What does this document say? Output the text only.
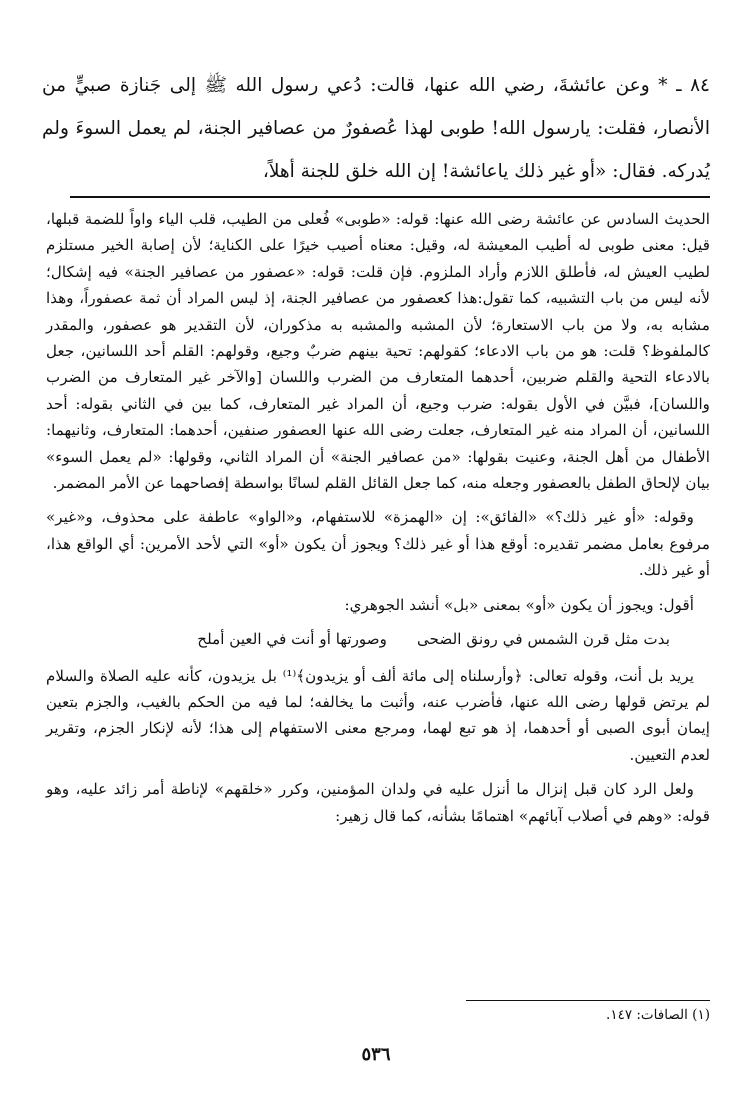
٨٤ ـ * وعن عائشةَ، رضي الله عنها، قالت: دُعي رسول الله ﷺ إلى جَنازة صبيٍّ من الأنصار، فقلت: يارسول الله! طوبى لهذا عُصفورٌ من عصافير الجنة، لم يعمل السوءَ ولم يُدركه. فقال: «أو غير ذلك ياعائشة! إن الله خلق للجنة أهلاً،

الحديث السادس عن عائشة رضى الله عنها: قوله: «طوبى» فُعلى من الطيب، قلب الياء واواً للضمة قبلها، قيل: معنى طوبى له أطيب المعيشة له، وقيل: معناه أصيب خيرًا على الكناية؛ لأن إصابة الخير مستلزم لطيب العيش له، فأطلق اللازم وأراد الملزوم. فإن قلت: قوله: «عصفور من عصافير الجنة» فيه إشكال؛ لأنه ليس من باب التشبيه، كما تقول:هذا كعصفور من عصافير الجنة، إذ ليس المراد أن ثمة عصفوراً، وهذا مشابه به، ولا من باب الاستعارة؛ لأن المشبه والمشبه به مذكوران، لأن التقدير هو عصفور، والمقدر كالملفوظ؟ قلت: هو من باب الادعاء؛ كقولهم: تحية بينهم ضربٌ وجيع، وقولهم: القلم أحد اللسانين، جعل بالادعاء التحية والقلم ضربين، أحدهما المتعارف من الضرب واللسان [والآخر غير المتعارف من الضرب واللسان]، فبيَّن في الأول بقوله: ضرب وجيع، أن المراد غير المتعارف، كما بين في الثاني بقوله: أحد اللسانين، أن المراد منه غير المتعارف، جعلت رضى الله عنها العصفور صنفين، أحدهما: المتعارف، وثانيهما: الأطفال من أهل الجنة، وعنيت بقولها: «من عصافير الجنة» أن المراد الثاني، وقولها: «لم يعمل السوء» بيان لإلحاق الطفل بالعصفور وجعله منه، كما جعل القائل القلم لسانًا بواسطة إفصاحهما عن الأمر المضمر.

وقوله: «أو غير ذلك؟» «الفائق»: إن «الهمزة» للاستفهام، و«الواو» عاطفة على محذوف، و«غير» مرفوع بعامل مضمر تقديره: أوقع هذا أو غير ذلك؟ ويجوز أن يكون «أو» التي لأحد الأمرين: أي الواقع هذا، أو غير ذلك.

أقول: ويجوز أن يكون «أو» بمعنى «بل» أنشد الجوهري:

بدت مثل قرن الشمس في رونق الضحى
وصورتها أو أنت في العين أملح

يريد بل أنت، وقوله تعالى: ﴿وأرسلناه إلى مائة ألف أو يزيدون﴾⁽¹⁾ بل يزيدون، كأنه عليه الصلاة والسلام لم يرتض قولها رضى الله عنها، فأضرب عنه، وأثبت ما يخالفه؛ لما فيه من الحكم بالغيب، والجزم بتعين إيمان أبوى الصبى أو أحدهما، إذ هو تبع لهما، ومرجع معنى الاستفهام إلى هذا؛ لأنه لإنكار الجزم، وتقرير لعدم التعيين.

ولعل الرد كان قبل إنزال ما أنزل عليه في ولدان المؤمنين، وكرر «خلقهم» لإناطة أمر زائد عليه، وهو قوله: «وهم في أصلاب آبائهم» اهتمامًا بشأنه، كما قال زهير:

(١) الصافات: ١٤٧.
٥٣٦
